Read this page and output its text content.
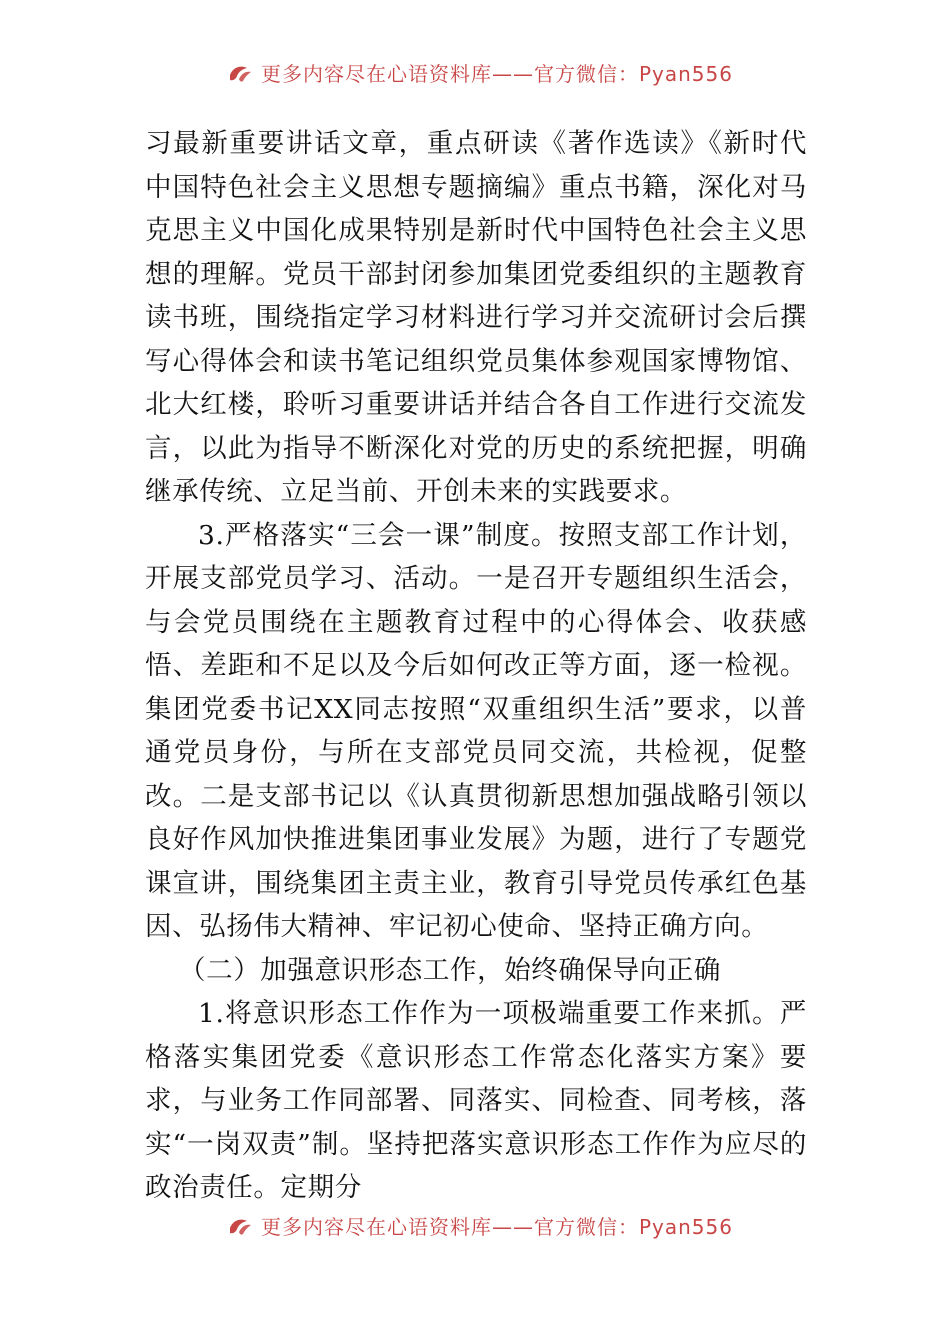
更多内容尽在心语资料库——官方微信：Pyan556

习最新重要讲话文章，重点研读《著作选读》《新时代中国特色社会主义思想专题摘编》重点书籍，深化对马克思主义中国化成果特别是新时代中国特色社会主义思想的理解。党员干部封闭参加集团党委组织的主题教育读书班，围绕指定学习材料进行学习并交流研讨会后撰写心得体会和读书笔记组织党员集体参观国家博物馆、北大红楼，聆听习重要讲话并结合各自工作进行交流发言，以此为指导不断深化对党的历史的系统把握，明确继承传统、立足当前、开创未来的实践要求。

3.严格落实“三会一课”制度。按照支部工作计划，开展支部党员学习、活动。一是召开专题组织生活会，与会党员围绕在主题教育过程中的心得体会、收获感悟、差距和不足以及今后如何改正等方面，逐一检视。集团党委书记XX同志按照“双重组织生活”要求，以普通党员身份，与所在支部党员同交流，共检视，促整改。二是支部书记以《认真贯彻新思想加强战略引领以良好作风加快推进集团事业发展》为题，进行了专题党课宣讲，围绕集团主责主业，教育引导党员传承红色基因、弘扬伟大精神、牢记初心使命、坚持正确方向。

（二）加强意识形态工作，始终确保导向正确

1.将意识形态工作作为一项极端重要工作来抓。严格落实集团党委《意识形态工作常态化落实方案》要求，与业务工作同部署、同落实、同检查、同考核，落实“一岗双责”制。坚持把落实意识形态工作作为应尽的政治责任。定期分

更多内容尽在心语资料库——官方微信：Pyan556
